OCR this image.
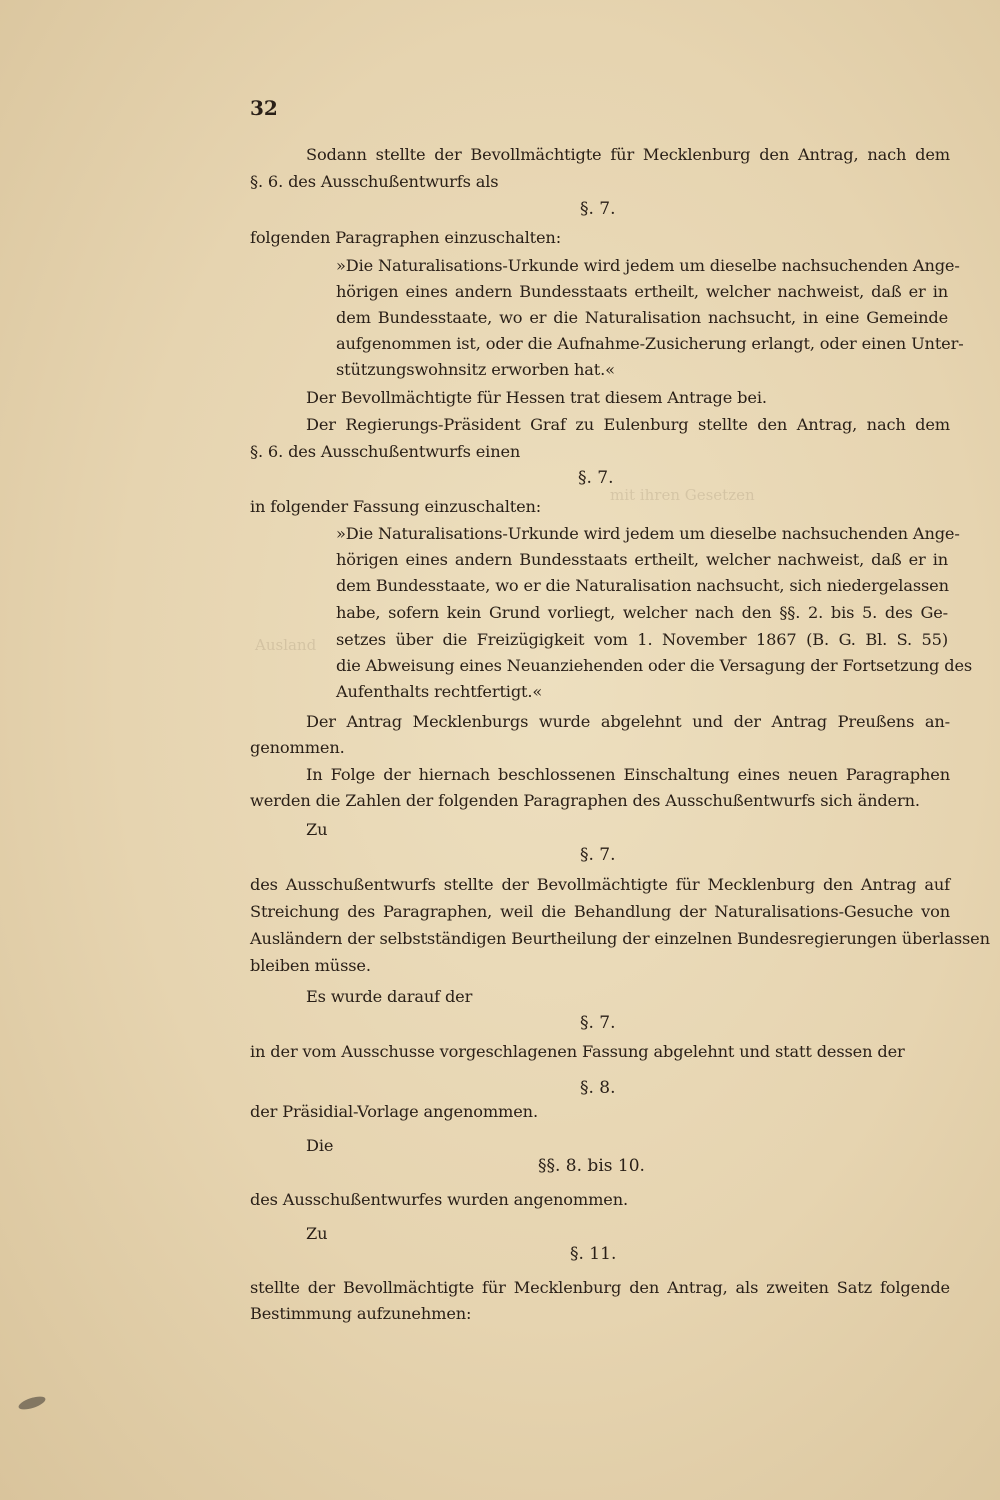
mit ihren Gesetzen
Ausland
32
Sodann stellte der Bevollmächtigte für Mecklenburg den Antrag, nach dem
§. 6. des Ausschußentwurfs als
§. 7.
folgenden Paragraphen einzuschalten:
»Die Naturalisations-Urkunde wird jedem um dieselbe nachsuchenden Ange-
hörigen eines andern Bundesstaats ertheilt, welcher nachweist, daß er in
dem Bundesstaate, wo er die Naturalisation nachsucht, in eine Gemeinde
aufgenommen ist, oder die Aufnahme-Zusicherung erlangt, oder einen Unter-
stützungswohnsitz erworben hat.«
Der Bevollmächtigte für Hessen trat diesem Antrage bei.
Der Regierungs-Präsident Graf zu Eulenburg stellte den Antrag, nach dem
§. 6. des Ausschußentwurfs einen
§. 7.
in folgender Fassung einzuschalten:
»Die Naturalisations-Urkunde wird jedem um dieselbe nachsuchenden Ange-
hörigen eines andern Bundesstaats ertheilt, welcher nachweist, daß er in
dem Bundesstaate, wo er die Naturalisation nachsucht, sich niedergelassen
habe, sofern kein Grund vorliegt, welcher nach den §§. 2. bis 5. des Ge-
setzes über die Freizügigkeit vom 1. November 1867 (B. G. Bl. S. 55)
die Abweisung eines Neuanziehenden oder die Versagung der Fortsetzung des
Aufenthalts rechtfertigt.«
Der Antrag Mecklenburgs wurde abgelehnt und der Antrag Preußens an-
genommen.
In Folge der hiernach beschlossenen Einschaltung eines neuen Paragraphen
werden die Zahlen der folgenden Paragraphen des Ausschußentwurfs sich ändern.
Zu
§. 7.
des Ausschußentwurfs stellte der Bevollmächtigte für Mecklenburg den Antrag auf
Streichung des Paragraphen, weil die Behandlung der Naturalisations-Gesuche von
Ausländern der selbstständigen Beurtheilung der einzelnen Bundesregierungen überlassen
bleiben müsse.
Es wurde darauf der
§. 7.
in der vom Ausschusse vorgeschlagenen Fassung abgelehnt und statt dessen der
§. 8.
der Präsidial-Vorlage angenommen.
Die
§§. 8. bis 10.
des Ausschußentwurfes wurden angenommen.
Zu
§. 11.
stellte der Bevollmächtigte für Mecklenburg den Antrag, als zweiten Satz folgende
Bestimmung aufzunehmen:
